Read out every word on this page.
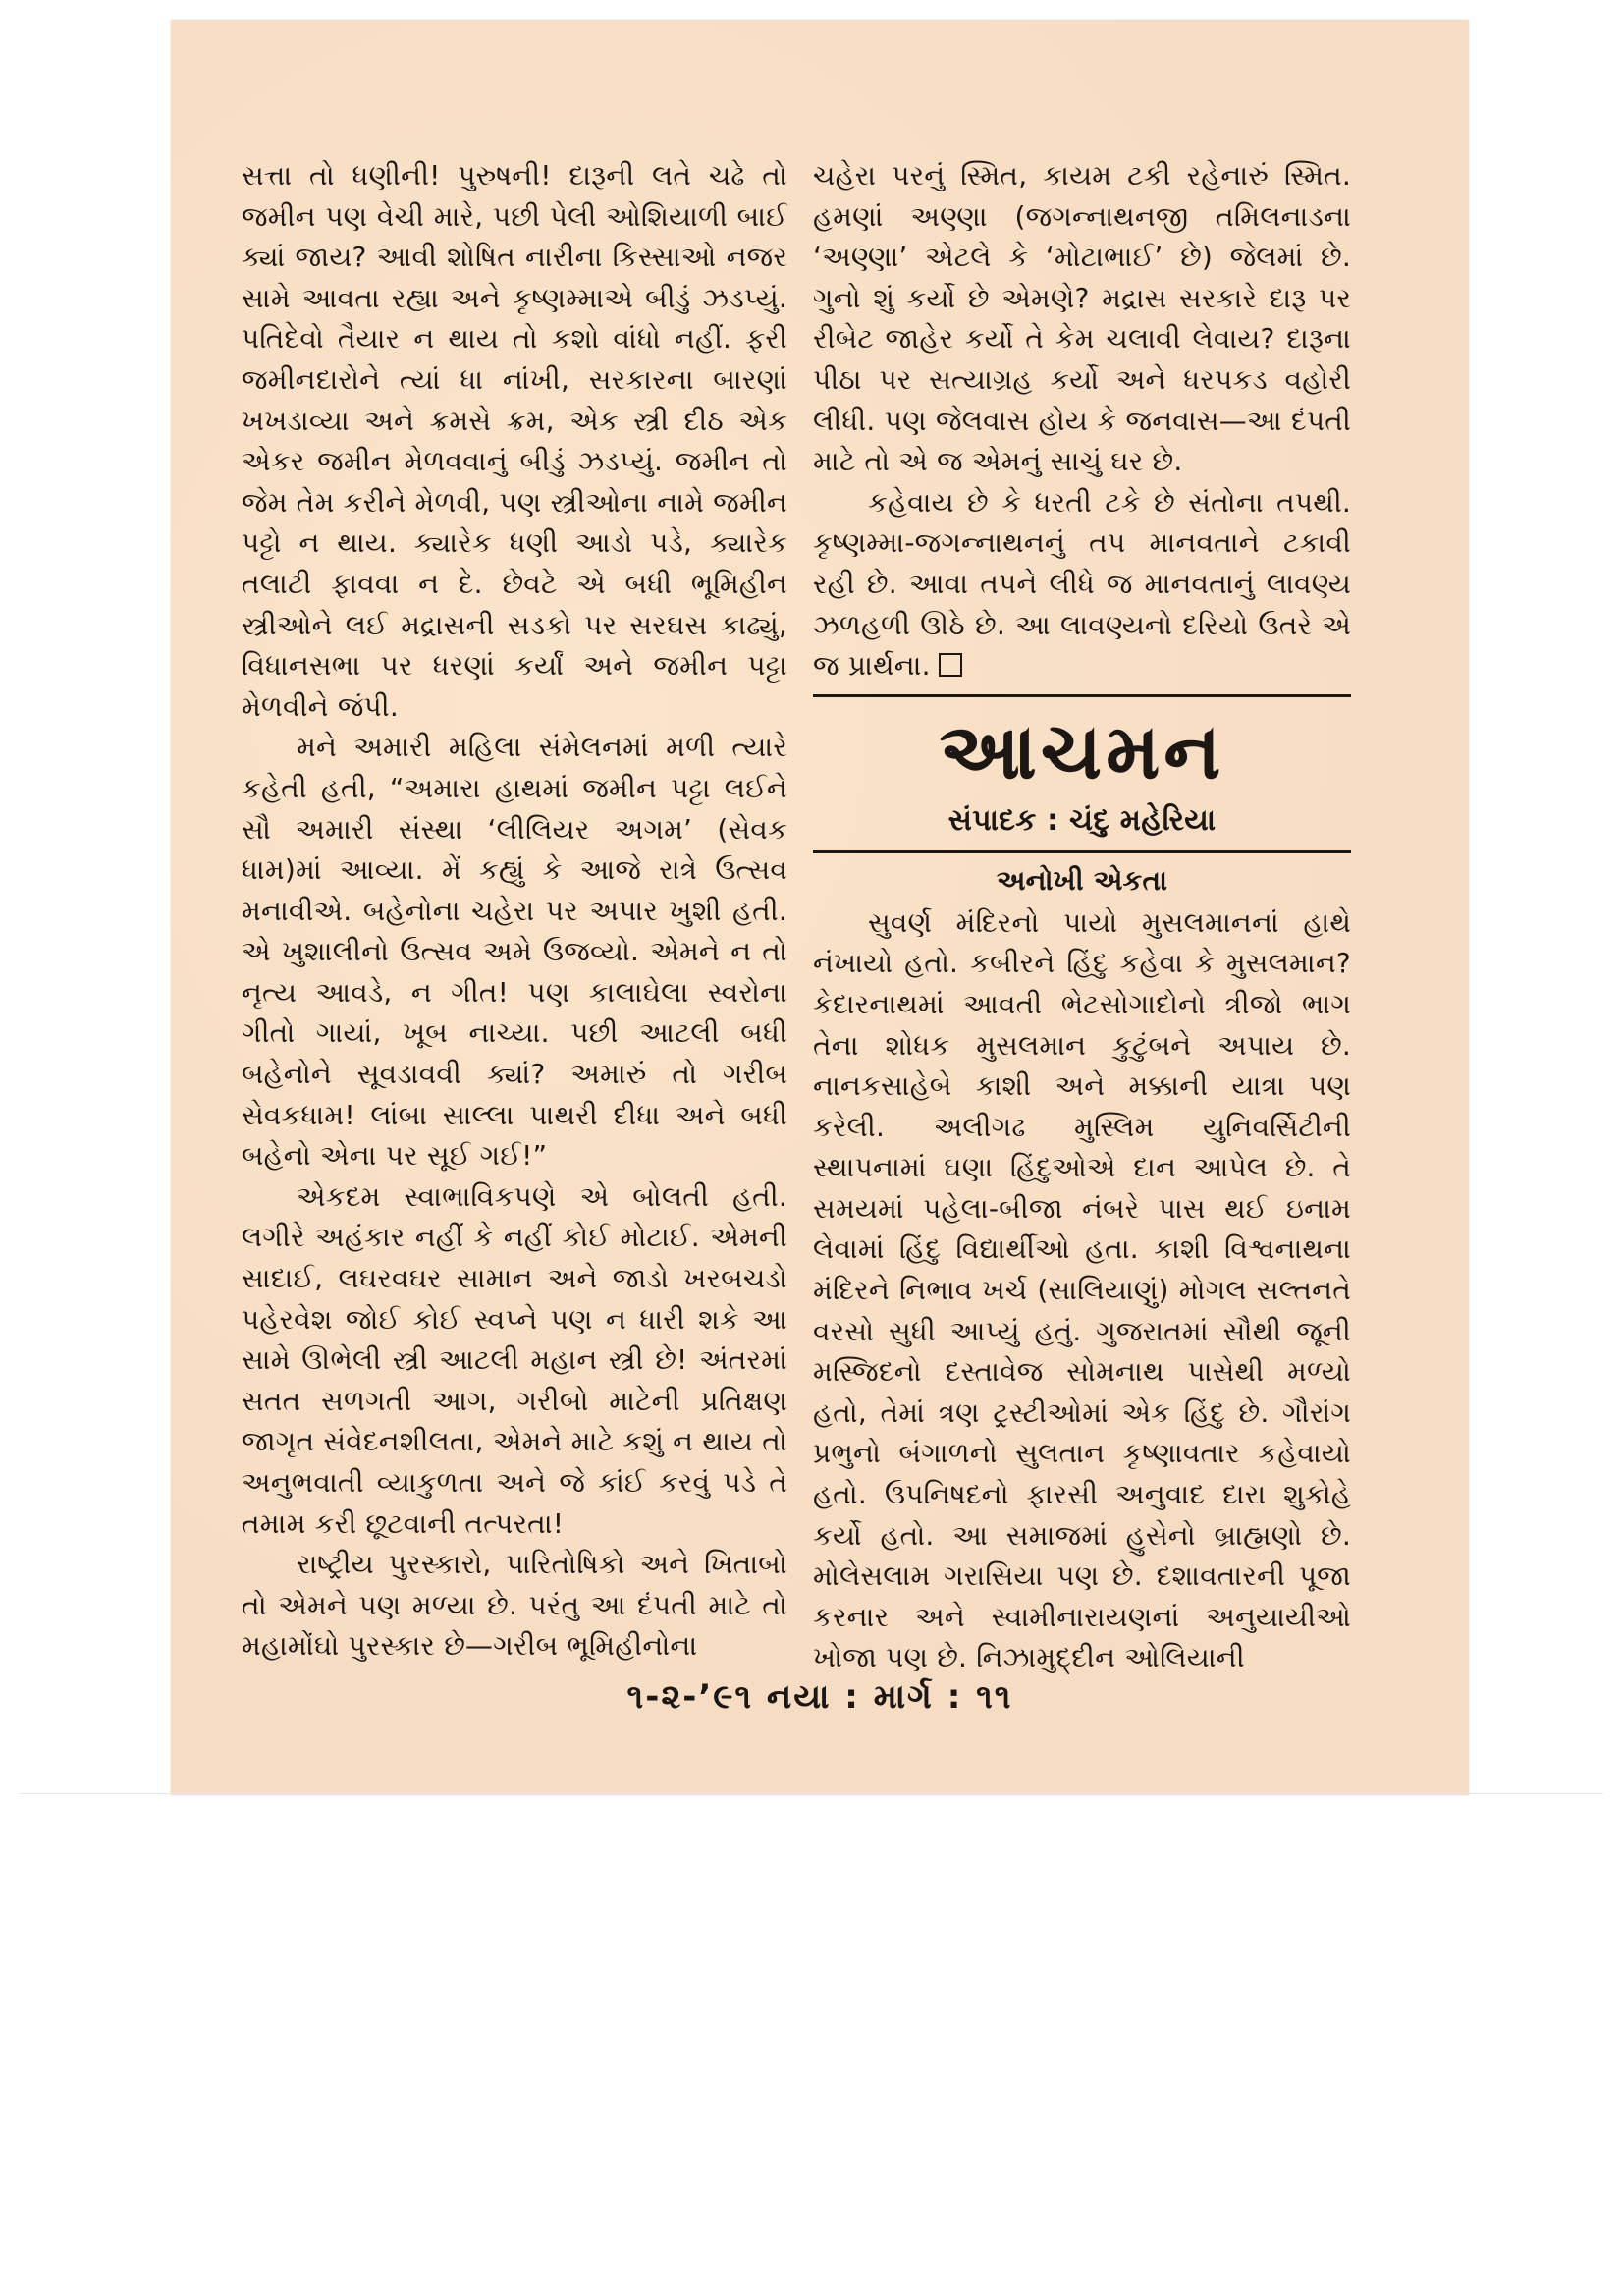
સત્તા તો ધણીની! પુરુષની! દારૂની લતે ચઢે તો જમીન પણ વેચી મારે, પછી પેલી ઓશિયાળી બાઈ ક્યાં જાય? આવી શોષિત નારીના કિસ્સાઓ નજર સામે આવતા રહ્યા અને કૃષ્ણમ્માએ બીડું ઝડપ્યું. પતિદેવો તૈયાર ન થાય તો કશો વાંધો નહીં. ફરી જમીનદારોને ત્યાં ધા નાંખી, સરકારના બારણાં ખખડાવ્યા અને ક્રમસે ક્રમ, એક સ્ત્રી દીઠ એક એકર જમીન મેળવવાનું બીડું ઝડપ્યું. જમીન તો જેમ તેમ કરીને મેળવી, પણ સ્ત્રીઓના નામે જમીન પટ્ટો ન થાય. ક્યારેક ધણી આડો પડે, ક્યારેક તલાટી ફાવવા ન દે. છેવટે એ બધી ભૂમિહીન સ્ત્રીઓને લઈ મદ્રાસની સડકો પર સરઘસ કાઢ્યું, વિધાનસભા પર ધરણાં કર્યાં અને જમીન પટ્ટા મેળવીને જંપી.

મને અમારી મહિલા સંમેલનમાં મળી ત્યારે કહેતી હતી, “અમારા હાથમાં જમીન પટ્ટા લઈને સૌ અમારી સંસ્થા ‘લીલિયર અગમ’ (સેવક ધામ)માં આવ્યા. મેં કહ્યું કે આજે રાત્રે ઉત્સવ મનાવીએ. બહેનોના ચહેરા પર અપાર ખુશી હતી. એ ખુશાલીનો ઉત્સવ અમે ઉજવ્યો. એમને ન તો નૃત્ય આવડે, ન ગીત! પણ કાલાઘેલા સ્વરોના ગીતો ગાયાં, ખૂબ નાચ્યા. પછી આટલી બધી બહેનોને સૂવડાવવી ક્યાં? અમારું તો ગરીબ સેવકધામ! લાંબા સાલ્લા પાથરી દીધા અને બધી બહેનો એના પર સૂઈ ગઈ!”

એકદમ સ્વાભાવિકપણે એ બોલતી હતી. લગીરે અહંકાર નહીં કે નહીં કોઈ મોટાઈ. એમની સાદાઈ, લઘરવઘર સામાન અને જાડો ખરબચડો પહેરવેશ જોઈ કોઈ સ્વપ્ને પણ ન ધારી શકે આ સામે ઊભેલી સ્ત્રી આટલી મહાન સ્ત્રી છે! અંતરમાં સતત સળગતી આગ, ગરીબો માટેની પ્રતિક્ષણ જાગૃત સંવેદનશીલતા, એમને માટે કશું ન થાય તો અનુભવાતી વ્યાકુળતા અને જે કાંઈ કરવું પડે તે તમામ કરી છૂટવાની તત્પરતા!

રાષ્ટ્રીય પુરસ્કારો, પારિતોષિકો અને ખિતાબો તો એમને પણ મળ્યા છે. પરંતુ આ દંપતી માટે તો મહામોંઘો પુરસ્કાર છે—ગરીબ ભૂમિહીનોના

ચહેરા પરનું સ્મિત, કાયમ ટકી રહેનારું સ્મિત. હમણાં અણ્ણા (જગન્નાથનજી તમિલનાડના ‘અણ્ણા’ એટલે કે ‘મોટાભાઈ’ છે) જેલમાં છે. ગુનો શું કર્યો છે એમણે? મદ્રાસ સરકારે દારૂ પર રીબેટ જાહેર કર્યો તે કેમ ચલાવી લેવાય? દારૂના પીઠા પર સત્યાગ્રહ કર્યો અને ધરપકડ વહોરી લીધી. પણ જેલવાસ હોય કે જનવાસ—આ દંપતી માટે તો એ જ એમનું સાચું ઘર છે.

કહેવાય છે કે ધરતી ટકે છે સંતોના તપથી. કૃષ્ણમ્મા-જગન્નાથનનું તપ માનવતાને ટકાવી રહી છે. આવા તપને લીધે જ માનવતાનું લાવણ્ય ઝળહળી ઊઠે છે. આ લાવણ્યનો દરિયો ઉતરે એ જ પ્રાર્થના.

આચમન
સંપાદક : ચંદુ મહેરિયા
અનોખી એકતા

સુવર્ણ મંદિરનો પાયો મુસલમાનનાં હાથે નંખાયો હતો. કબીરને હિંદુ કહેવા કે મુસલમાન? કેદારનાથમાં આવતી ભેટસોગાદોનો ત્રીજો ભાગ તેના શોધક મુસલમાન કુટુંબને અપાય છે. નાનકસાહેબે કાશી અને મક્કાની યાત્રા પણ કરેલી. અલીગઢ મુસ્લિમ યુનિવર્સિટીની સ્થાપનામાં ઘણા હિંદુઓએ દાન આપેલ છે. તે સમયમાં પહેલા-બીજા નંબરે પાસ થઈ ઇનામ લેવામાં હિંદુ વિદ્યાર્થીઓ હતા. કાશી વિશ્વનાથના મંદિરને નિભાવ ખર્ચ (સાલિયાણું) મોગલ સલ્તનતે વરસો સુધી આપ્યું હતું. ગુજરાતમાં સૌથી જૂની મસ્જિદનો દસ્તાવેજ સોમનાથ પાસેથી મળ્યો હતો, તેમાં ત્રણ ટ્રસ્ટીઓમાં એક હિંદુ છે. ગૌરાંગ પ્રભુનો બંગાળનો સુલતાન કૃષ્ણાવતાર કહેવાયો હતો. ઉપનિષદનો ફારસી અનુવાદ દારા શુકોહે કર્યો હતો. આ સમાજમાં હુસેનો બ્રાહ્મણો છે. મોલેસલામ ગરાસિયા પણ છે. દશાવતારની પૂજા કરનાર અને સ્વામીનારાયણનાં અનુયાયીઓ ખોજા પણ છે. નિઝામુદ્દીન ઓલિયાની

૧-૨-’૯૧ નયા : માર્ગ : ૧૧
